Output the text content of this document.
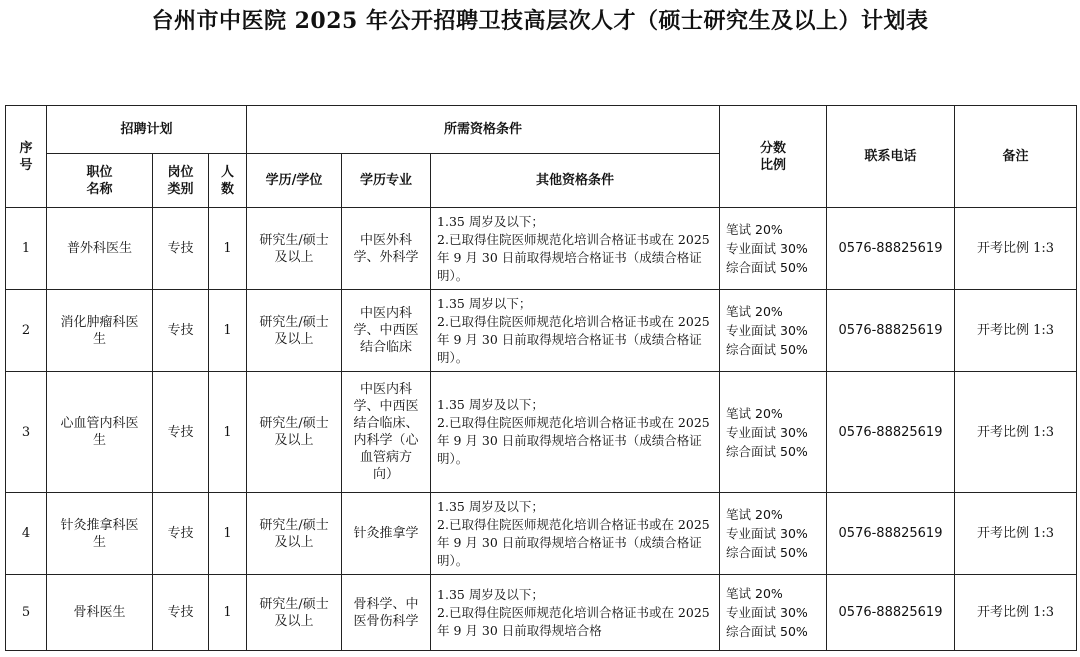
台州市中医院 2025 年公开招聘卫技高层次人才（硕士研究生及以上）计划表
序号	招聘计划			所需资格条件			分数比例	联系电话	备注

	职位名称	岗位类别	人数	学历/学位	学历专业	其他资格条件			
1	普外科医生	专技	1	研究生/硕士及以上	中医外科学、外科学	1.35 周岁及以下；
2.已取得住院医师规范化培训合格证书或在 2025 年 9 月 30 日前取得规培合格证书（成绩合格证明）。	笔试 20%
专业面试 30%
综合面试 50%	0576-88825619	开考比例 1:3
2	消化肿瘤科医生	专技	1	研究生/硕士及以上	中医内科学、中西医结合临床	1.35 周岁以下；
2.已取得住院医师规范化培训合格证书或在 2025 年 9 月 30 日前取得规培合格证书（成绩合格证明）。	笔试 20%
专业面试 30%
综合面试 50%	0576-88825619	开考比例 1:3
3	心血管内科医生	专技	1	研究生/硕士及以上	中医内科学、中西医结合临床、内科学（心血管病方向）	1.35 周岁及以下；
2.已取得住院医师规范化培训合格证书或在 2025 年 9 月 30 日前取得规培合格证书（成绩合格证明）。	笔试 20%
专业面试 30%
综合面试 50%	0576-88825619	开考比例 1:3
4	针灸推拿科医生	专技	1	研究生/硕士及以上	针灸推拿学	1.35 周岁及以下；
2.已取得住院医师规范化培训合格证书或在 2025 年 9 月 30 日前取得规培合格证书（成绩合格证明）。	笔试 20%
专业面试 30%
综合面试 50%	0576-88825619	开考比例 1:3
5	骨科医生	专技	1	研究生/硕士及以上	骨科学、中医骨伤科学	1.35 周岁及以下；
2.已取得住院医师规范化培训合格证书或在 2025 年 9 月 30 日前取得规培合格	笔试 20%
专业面试 30%
综合面试 50%	0576-88825619	开考比例 1:3
